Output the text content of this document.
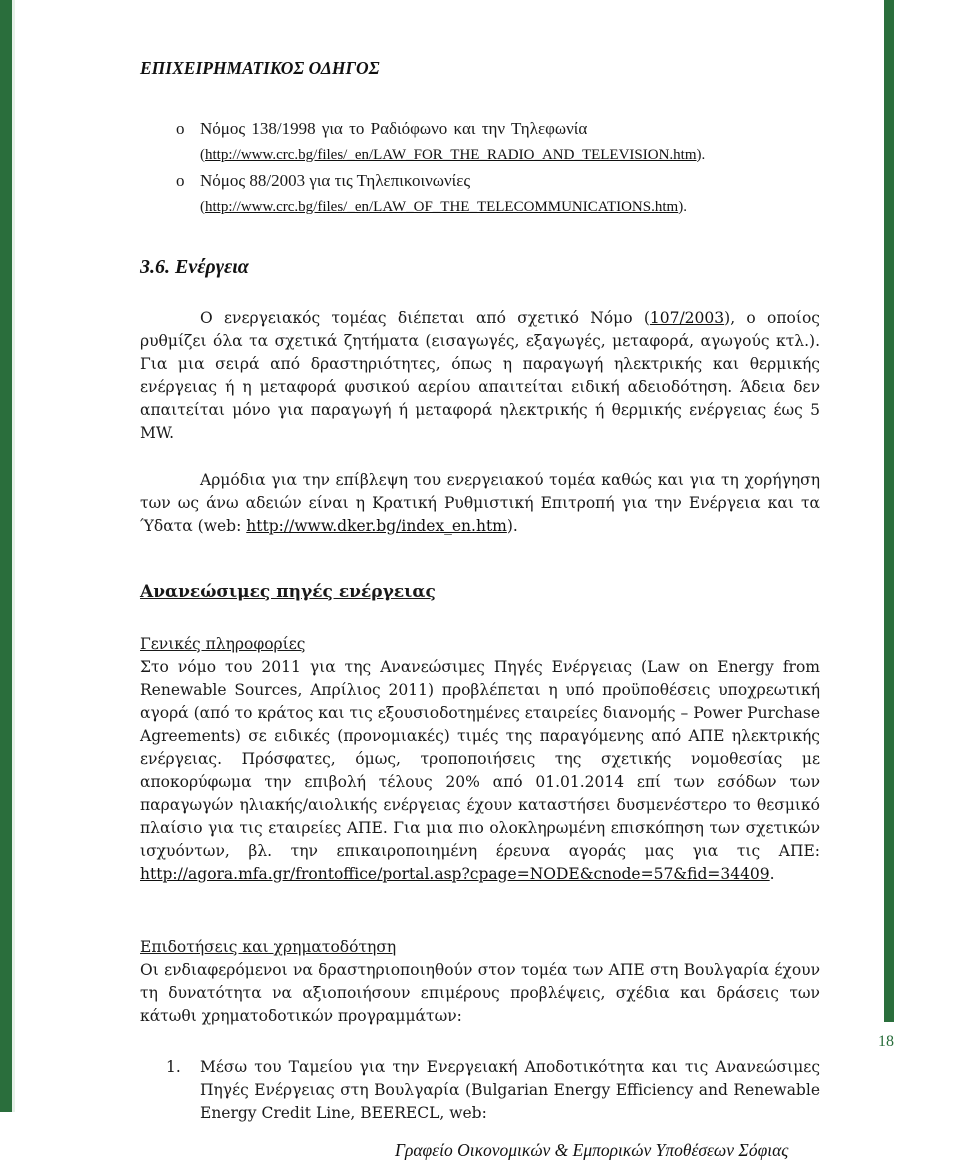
ΕΠΙΧΕΙΡΗΜΑΤΙΚΟΣ ΟΔΗΓΟΣ
o Νόμος 138/1998 για το Ραδιόφωνο και την Τηλεφωνία
(http://www.crc.bg/files/_en/LAW_FOR_THE_RADIO_AND_TELEVISION.htm).
o Νόμος 88/2003 για τις Τηλεπικοινωνίες
(http://www.crc.bg/files/_en/LAW_OF_THE_TELECOMMUNICATIONS.htm).
3.6. Ενέργεια

Ο ενεργειακός τομέας διέπεται από σχετικό Νόμο (107/2003), ο οποίος ρυθμίζει όλα τα σχετικά ζητήματα (εισαγωγές, εξαγωγές, μεταφορά, αγωγούς κτλ.). Για μια σειρά από δραστηριότητες, όπως η παραγωγή ηλεκτρικής και θερμικής ενέργειας ή η μεταφορά φυσικού αερίου απαιτείται ειδική αδειοδότηση. Άδεια δεν απαιτείται μόνο για παραγωγή ή μεταφορά ηλεκτρικής ή θερμικής ενέργειας έως 5 MW.

Αρμόδια για την επίβλεψη του ενεργειακού τομέα καθώς και για τη χορήγηση των ως άνω αδειών είναι η Κρατική Ρυθμιστική Επιτροπή για την Ενέργεια και τα Ύδατα (web: http://www.dker.bg/index_en.htm).

Ανανεώσιμες πηγές ενέργειας

Γενικές πληροφορίες

Στο νόμο του 2011 για της Ανανεώσιμες Πηγές Ενέργειας (Law on Energy from Renewable Sources, Απρίλιος 2011) προβλέπεται η υπό προϋποθέσεις υποχρεωτική αγορά (από το κράτος και τις εξουσιοδοτημένες εταιρείες διανομής – Power Purchase Agreements) σε ειδικές (προνομιακές) τιμές της παραγόμενης από ΑΠΕ ηλεκτρικής ενέργειας. Πρόσφατες, όμως, τροποποιήσεις της σχετικής νομοθεσίας με αποκορύφωμα την επιβολή τέλους 20% από 01.01.2014 επί των εσόδων των παραγωγών ηλιακής/αιολικής ενέργειας έχουν καταστήσει δυσμενέστερο το θεσμικό πλαίσιο για τις εταιρείες ΑΠΕ. Για μια πιο ολοκληρωμένη επισκόπηση των σχετικών ισχυόντων, βλ. την επικαιροποιημένη έρευνα αγοράς μας για τις ΑΠΕ: http://agora.mfa.gr/frontoffice/portal.asp?cpage=NODE&cnode=57&fid=34409.

Επιδοτήσεις και χρηματοδότηση

Οι ενδιαφερόμενοι να δραστηριοποιηθούν στον τομέα των ΑΠΕ στη Βουλγαρία έχουν τη δυνατότητα να αξιοποιήσουν επιμέρους προβλέψεις, σχέδια και δράσεις των κάτωθι χρηματοδοτικών προγραμμάτων:

1. Μέσω του Ταμείου για την Ενεργειακή Αποδοτικότητα και τις Ανανεώσιμες Πηγές Ενέργειας στη Βουλγαρία (Bulgarian Energy Efficiency and Renewable Energy Credit Line, BEERECL, web:
18
Γραφείο Οικονομικών & Εμπορικών Υποθέσεων Σόφιας
